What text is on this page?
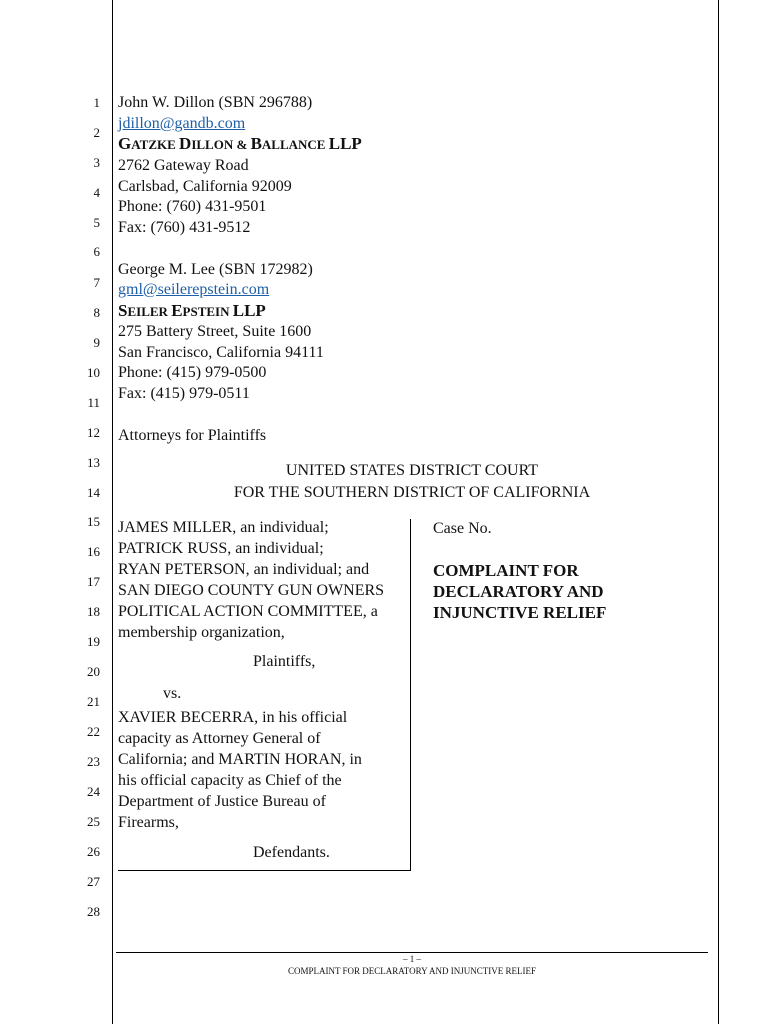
1
2
3
4
5
6
7
8
9
10
11
12
13
14
15
16
17
18
19
20
21
22
23
24
25
26
27
28
John W. Dillon (SBN 296788)
jdillon@gandb.com
GATZKE DILLON & BALLANCE LLP
2762 Gateway Road
Carlsbad, California 92009
Phone: (760) 431-9501
Fax: (760) 431-9512
George M. Lee (SBN 172982)
gml@seilerepstein.com
SEILER EPSTEIN LLP
275 Battery Street, Suite 1600
San Francisco, California 94111
Phone: (415) 979-0500
Fax: (415) 979-0511
Attorneys for Plaintiffs
UNITED STATES DISTRICT COURT
FOR THE SOUTHERN DISTRICT OF CALIFORNIA
JAMES MILLER, an individual;
PATRICK RUSS, an individual;
RYAN PETERSON, an individual; and
SAN DIEGO COUNTY GUN OWNERS
POLITICAL ACTION COMMITTEE, a
membership organization,
Plaintiffs,
vs.
XAVIER BECERRA, in his official
capacity as Attorney General of
California; and MARTIN HORAN, in
his official capacity as Chief of the
Department of Justice Bureau of
Firearms,
Defendants.
Case No.
COMPLAINT FOR
DECLARATORY AND
INJUNCTIVE RELIEF
– 1 –
COMPLAINT FOR DECLARATORY AND INJUNCTIVE RELIEF
